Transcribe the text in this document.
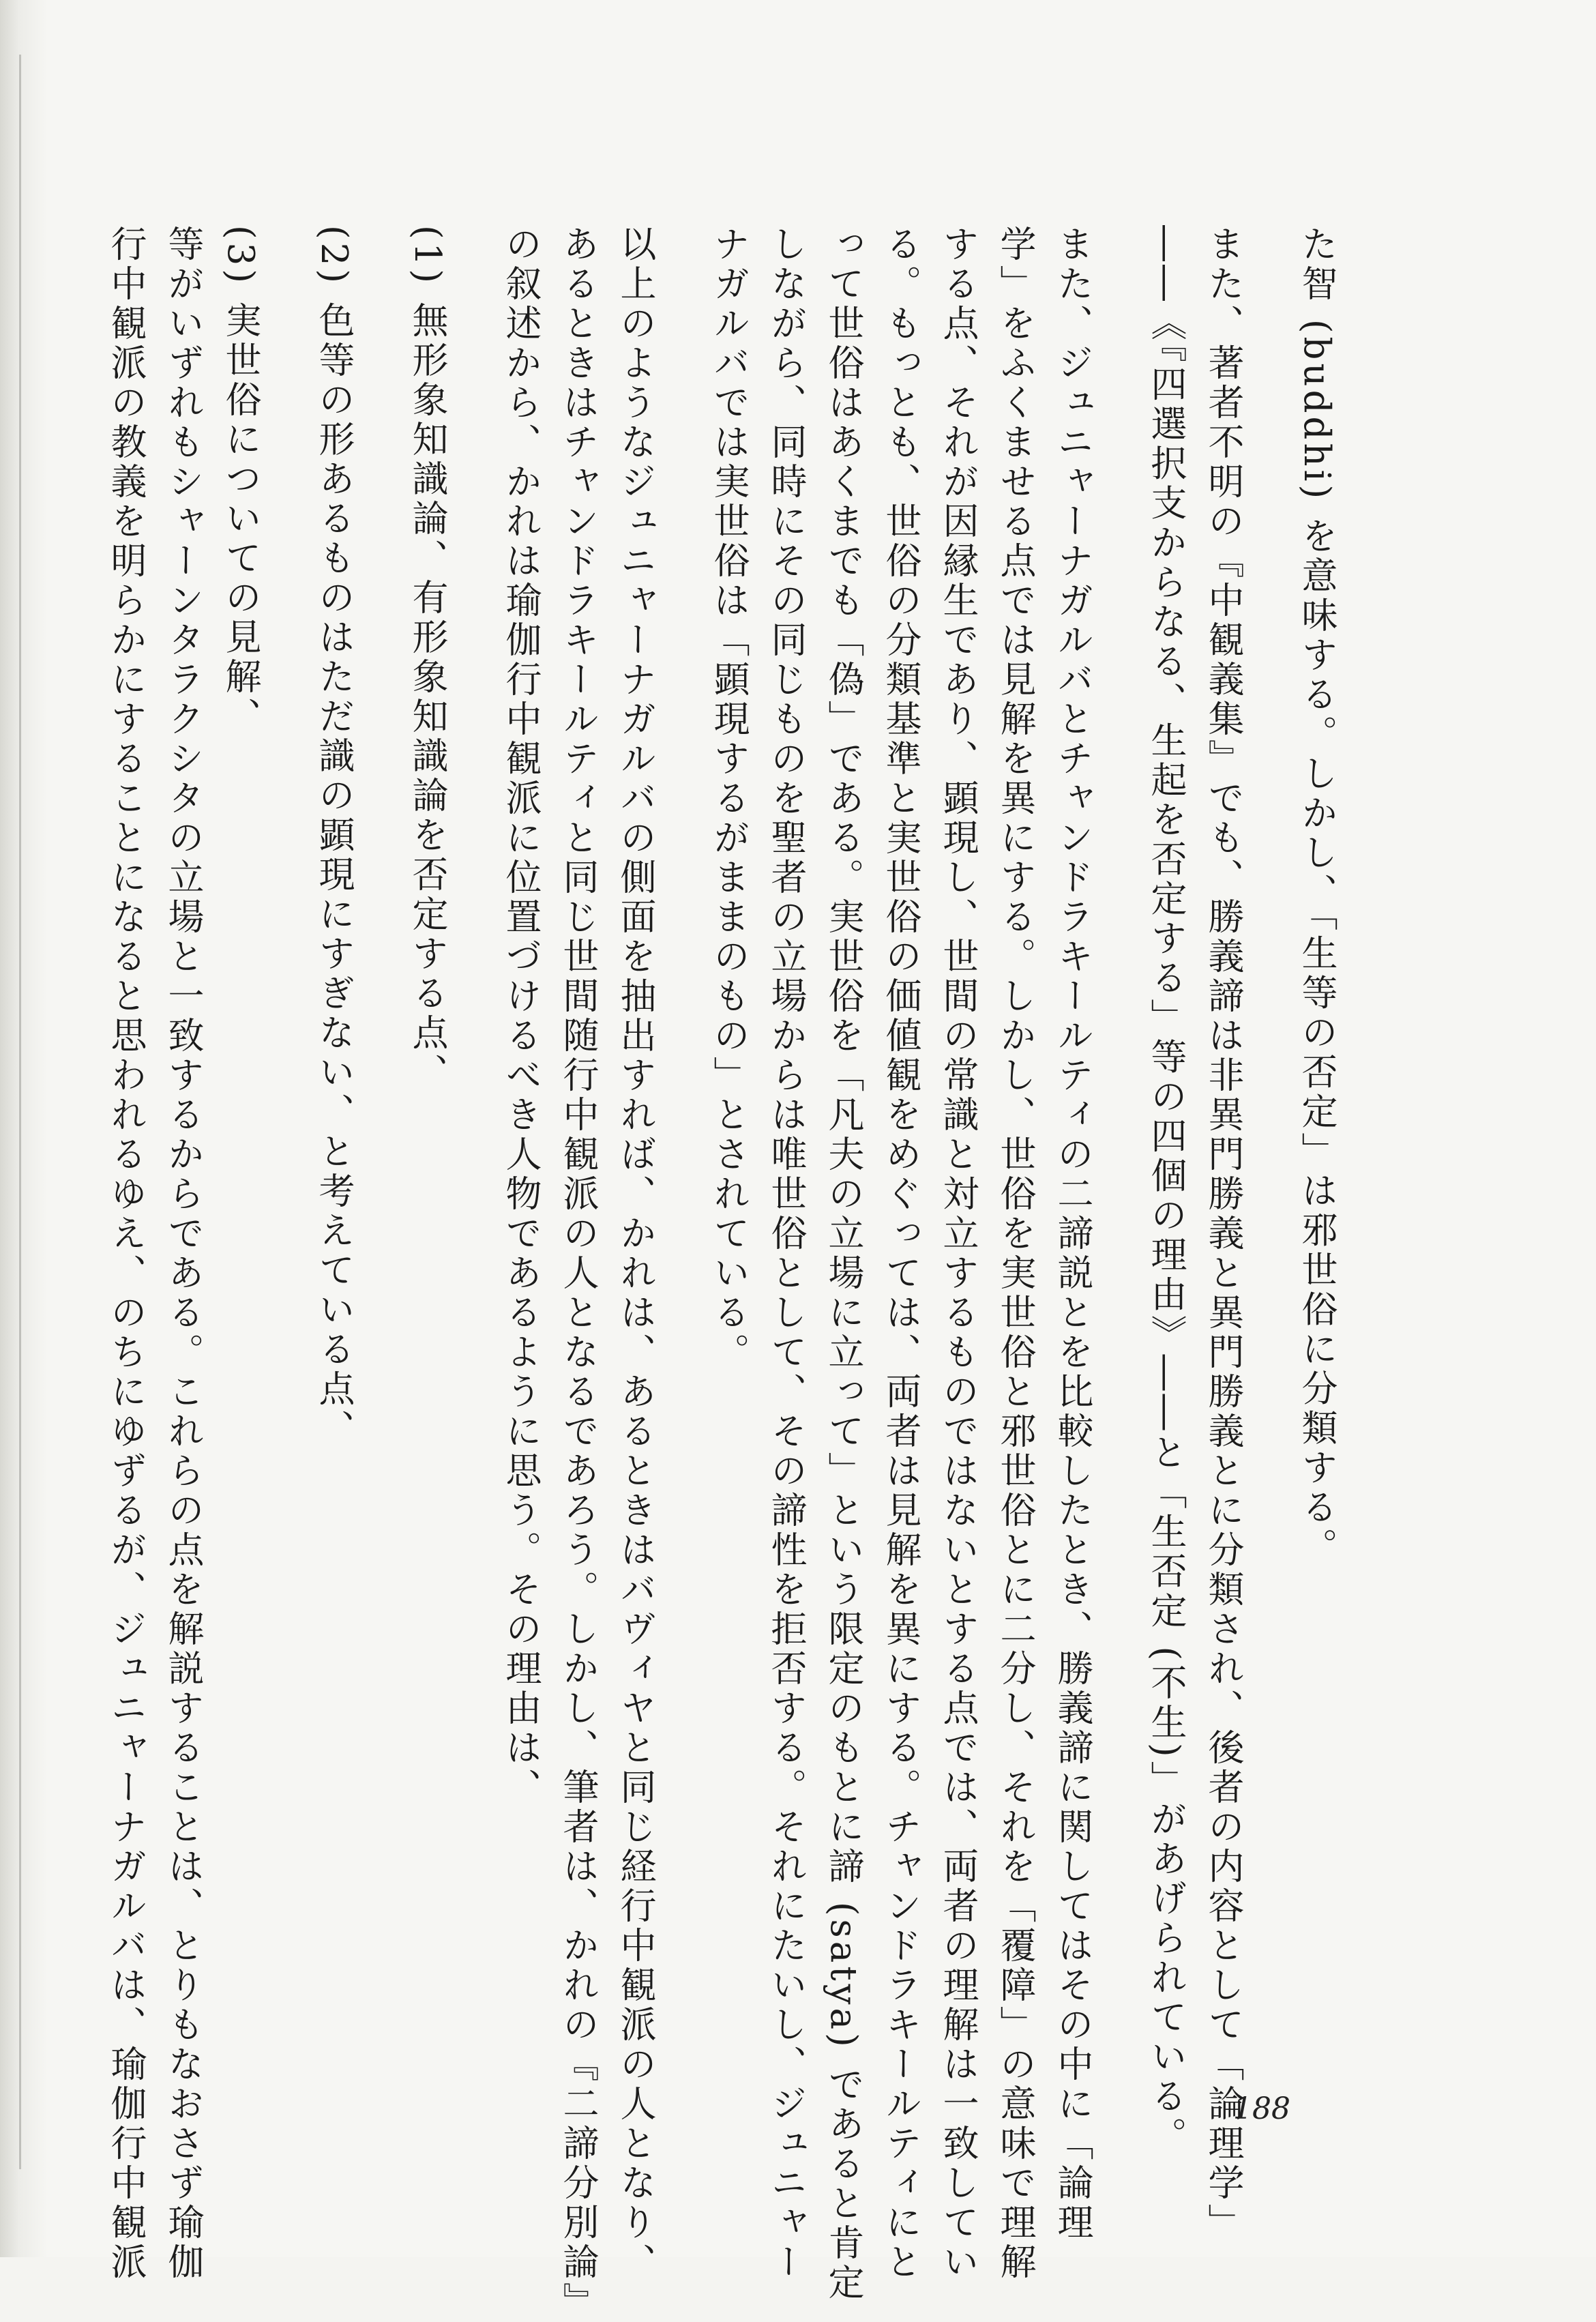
た智 (buddhi) を意味する。しかし、「生等の否定」は邪世俗に分類する。
また、著者不明の『中観義集』でも、勝義諦は非異門勝義と異門勝義とに分類され、後者の内容として「論理学」
――《『四選択支からなる、生起を否定する」等の四個の理由》――と「生否定 (不生)」があげられている。
また、ジュニャーナガルバとチャンドラキールティの二諦説とを比較したとき、勝義諦に関してはその中に「論理
学」をふくませる点では見解を異にする。しかし、世俗を実世俗と邪世俗とに二分し、それを「覆障」の意味で理解
する点、それが因縁生であり、顕現し、世間の常識と対立するものではないとする点では、両者の理解は一致してい
る。もっとも、世俗の分類基準と実世俗の価値観をめぐっては、両者は見解を異にする。チャンドラキールティにと
って世俗はあくまでも「偽」である。実世俗を「凡夫の立場に立って」という限定のもとに諦 (satya) であると肯定
しながら、同時にその同じものを聖者の立場からは唯世俗として、その諦性を拒否する。それにたいし、ジュニャー
ナガルバでは実世俗は「顕現するがままのもの」とされている。
以上のようなジュニャーナガルバの側面を抽出すれば、かれは、あるときはバヴィヤと同じ経行中観派の人となり、
あるときはチャンドラキールティと同じ世間随行中観派の人となるであろう。しかし、筆者は、かれの『二諦分別論』
の叙述から、かれは瑜伽行中観派に位置づけるべき人物であるように思う。その理由は、
(1) 無形象知識論、有形象知識論を否定する点、
(2) 色等の形あるものはただ識の顕現にすぎない、と考えている点、
(3) 実世俗についての見解、
等がいずれもシャーンタラクシタの立場と一致するからである。これらの点を解説することは、とりもなおさず瑜伽
行中観派の教義を明らかにすることになると思われるゆえ、のちにゆずるが、ジュニャーナガルバは、瑜伽行中観派	188
